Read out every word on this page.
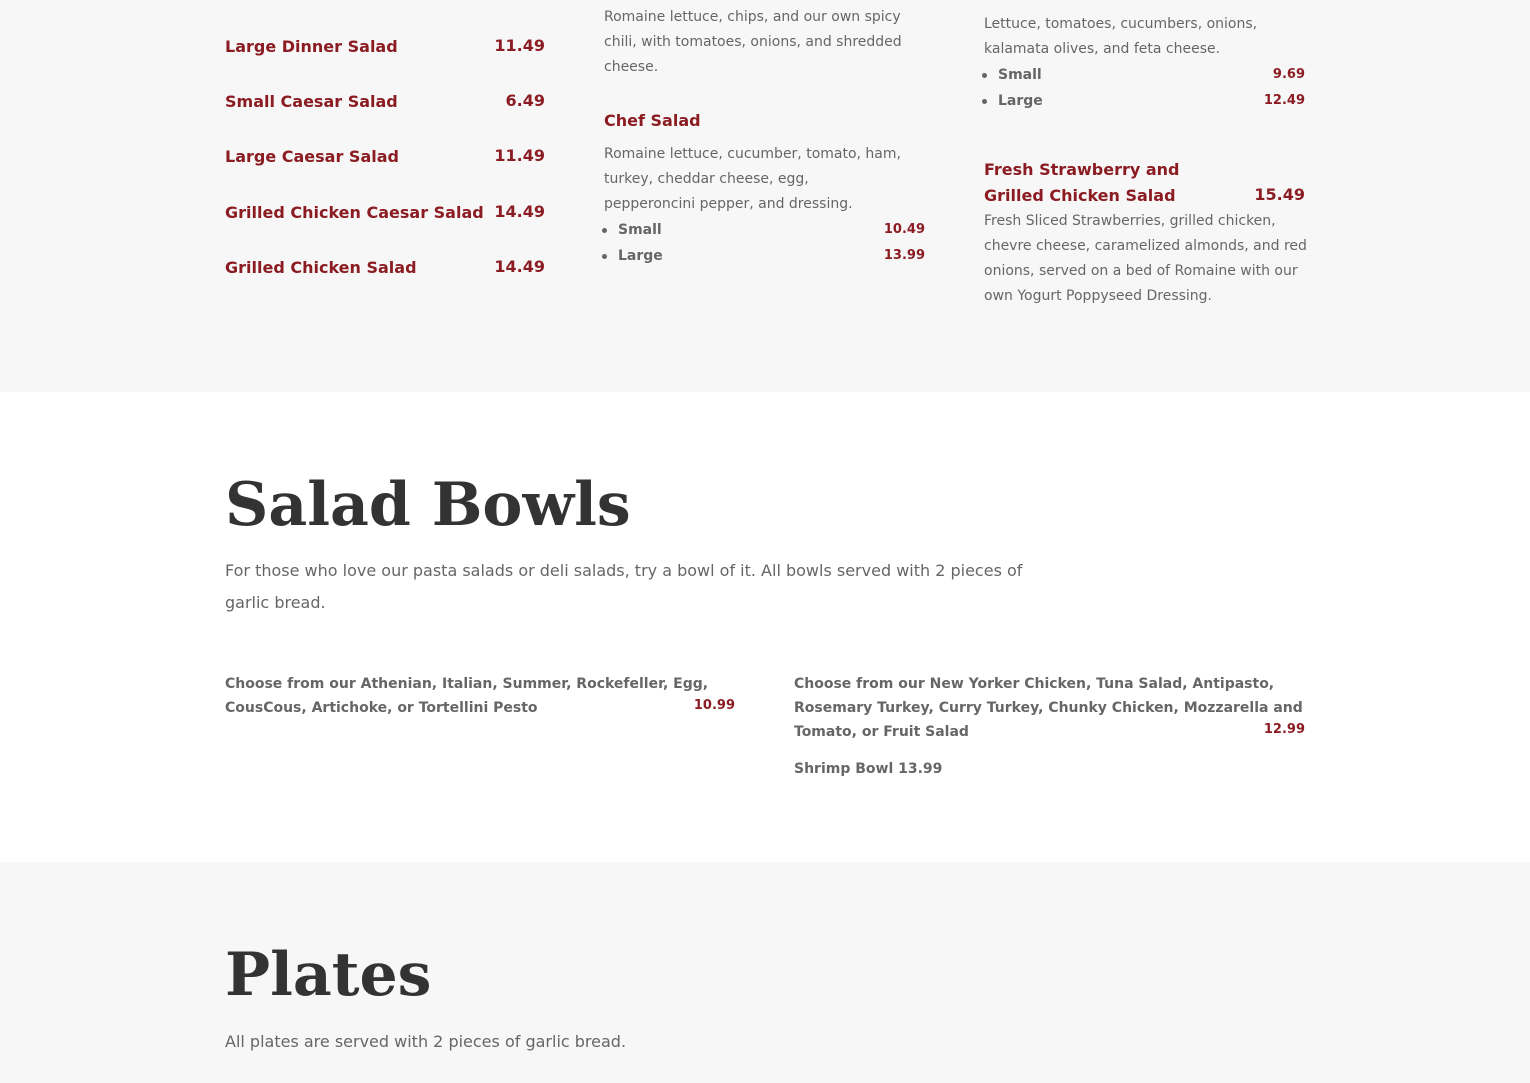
Large Dinner Salad	11.49
Small Caesar Salad	6.49
Large Caesar Salad	11.49
Grilled Chicken Caesar Salad 14.49
Grilled Chicken Salad	14.49
Romaine lettuce, chips, and our own spicy chili, with tomatoes, onions, and shredded cheese.
Chef Salad
Romaine lettuce, cucumber, tomato, ham, turkey, cheddar cheese, egg, pepperoncini pepper, and dressing.
Small	10.49
Large	13.99
Lettuce, tomatoes, cucumbers, onions, kalamata olives, and feta cheese.
Small	9.69
Large	12.49
Fresh Strawberry and Grilled Chicken Salad	15.49
Fresh Sliced Strawberries, grilled chicken, chevre cheese, caramelized almonds, and red onions, served on a bed of Romaine with our own Yogurt Poppyseed Dressing.
Salad Bowls
For those who love our pasta salads or deli salads, try a bowl of it. All bowls served with 2 pieces of garlic bread.
Choose from our Athenian, Italian, Summer, Rockefeller, Egg, CousCous, Artichoke, or Tortellini Pesto	10.99
Choose from our New Yorker Chicken, Tuna Salad, Antipasto, Rosemary Turkey, Curry Turkey, Chunky Chicken, Mozzarella and Tomato, or Fruit Salad	12.99
Shrimp Bowl 13.99
Plates
All plates are served with 2 pieces of garlic bread.
